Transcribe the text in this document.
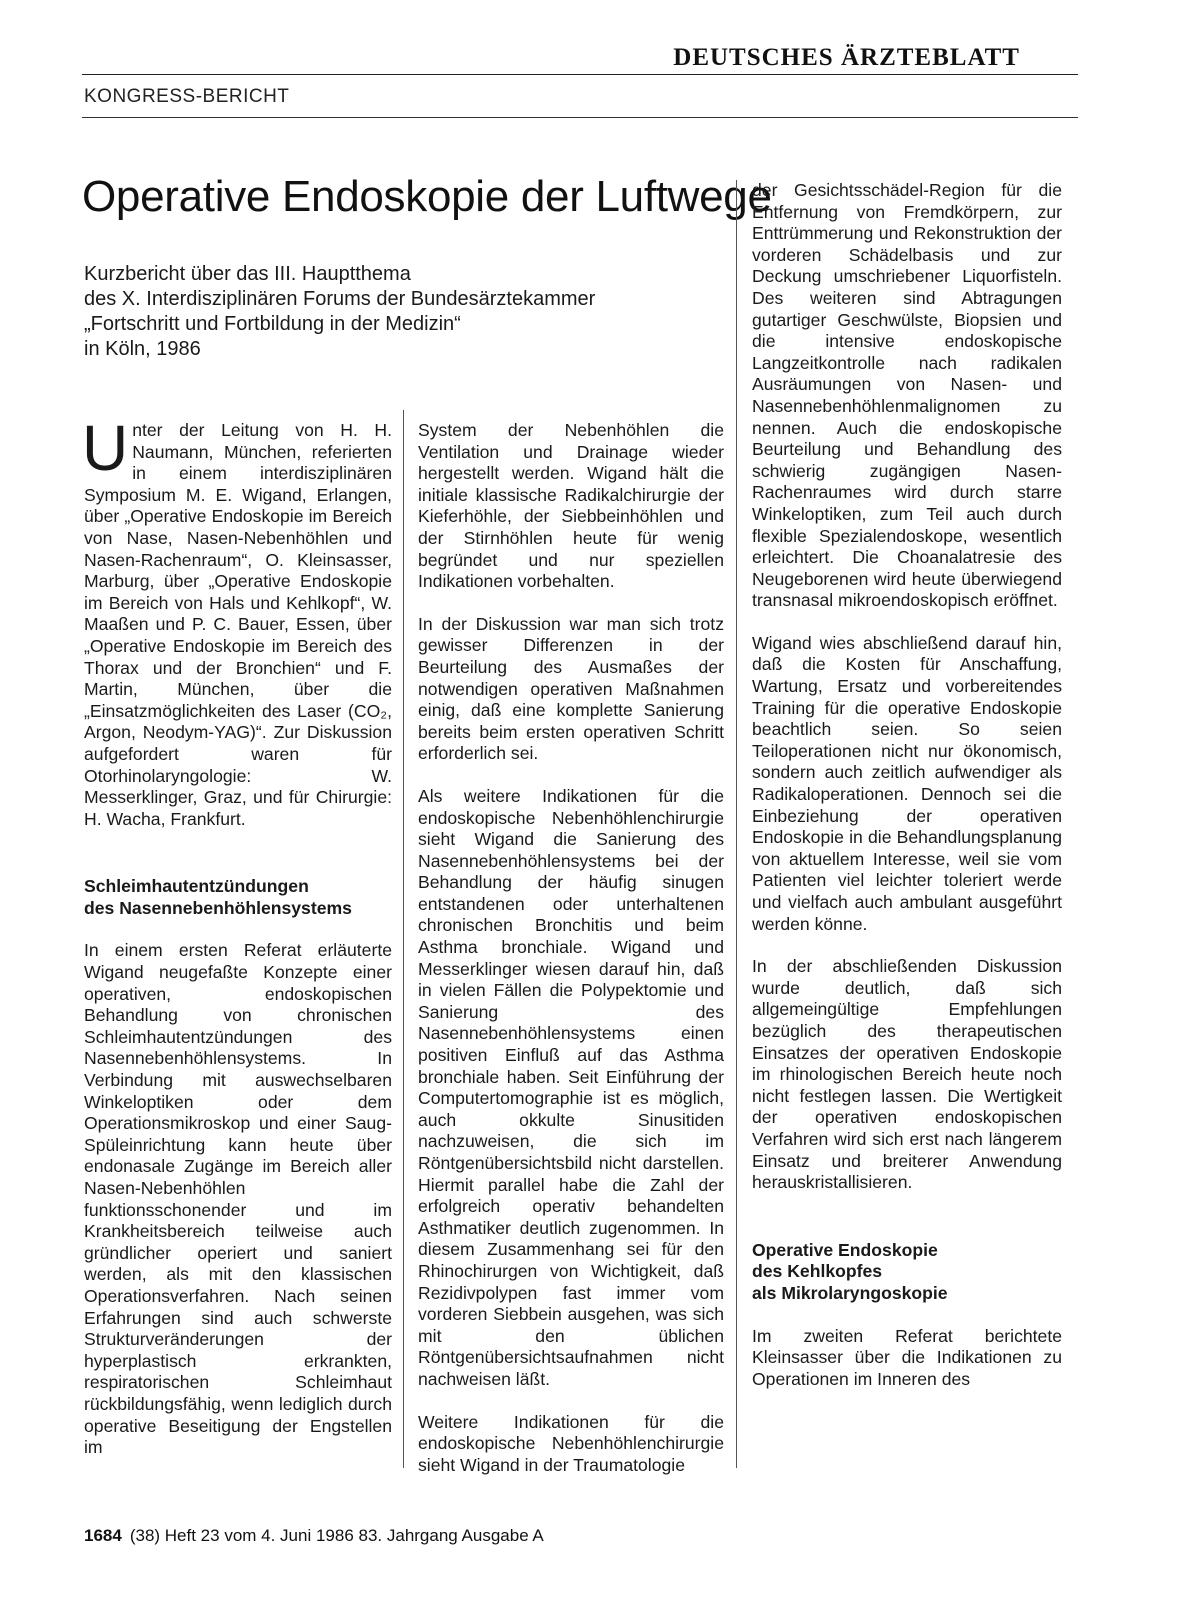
DEUTSCHES ÄRZTEBLATT
KONGRESS-BERICHT
Operative Endoskopie der Luftwege
Kurzbericht über das III. Hauptthema
des X. Interdisziplinären Forums der Bundesärztekammer
„Fortschritt und Fortbildung in der Medizin“
in Köln, 1986

Unter der Leitung von H. H. Naumann, München, referierten in einem interdisziplinären Symposium M. E. Wigand, Erlangen, über „Operative Endoskopie im Bereich von Nase, Nasen-Nebenhöhlen und Nasen-Rachenraum“, O. Kleinsasser, Marburg, über „Operative Endoskopie im Bereich von Hals und Kehlkopf“, W. Maaßen und P. C. Bauer, Essen, über „Operative Endoskopie im Bereich des Thorax und der Bronchien“ und F. Martin, München, über die „Einsatzmöglichkeiten des Laser (CO₂, Argon, Neodym-YAG)“. Zur Diskussion aufgefordert waren für Otorhinolaryngologie: W. Messerklinger, Graz, und für Chirurgie: H. Wacha, Frankfurt.

Schleimhautentzündungen
des Nasennebenhöhlensystems

In einem ersten Referat erläuterte Wigand neugefaßte Konzepte einer operativen, endoskopischen Behandlung von chronischen Schleimhautentzündungen des Nasennebenhöhlensystems. In Verbindung mit auswechselbaren Winkeloptiken oder dem Operationsmikroskop und einer Saug-Spüleinrichtung kann heute über endonasale Zugänge im Bereich aller Nasen-Nebenhöhlen funktionsschonender und im Krankheitsbereich teilweise auch gründlicher operiert und saniert werden, als mit den klassischen Operationsverfahren. Nach seinen Erfahrungen sind auch schwerste Strukturveränderungen der hyperplastisch erkrankten, respiratorischen Schleimhaut rückbildungsfähig, wenn lediglich durch operative Beseitigung der Engstellen im

System der Nebenhöhlen die Ventilation und Drainage wieder hergestellt werden. Wigand hält die initiale klassische Radikalchirurgie der Kieferhöhle, der Siebbeinhöhlen und der Stirnhöhlen heute für wenig begründet und nur speziellen Indikationen vorbehalten.

In der Diskussion war man sich trotz gewisser Differenzen in der Beurteilung des Ausmaßes der notwendigen operativen Maßnahmen einig, daß eine komplette Sanierung bereits beim ersten operativen Schritt erforderlich sei.

Als weitere Indikationen für die endoskopische Nebenhöhlenchirurgie sieht Wigand die Sanierung des Nasennebenhöhlensystems bei der Behandlung der häufig sinugen entstandenen oder unterhaltenen chronischen Bronchitis und beim Asthma bronchiale. Wigand und Messerklinger wiesen darauf hin, daß in vielen Fällen die Polypektomie und Sanierung des Nasennebenhöhlensystems einen positiven Einfluß auf das Asthma bronchiale haben. Seit Einführung der Computertomographie ist es möglich, auch okkulte Sinusitiden nachzuweisen, die sich im Röntgenübersichtsbild nicht darstellen. Hiermit parallel habe die Zahl der erfolgreich operativ behandelten Asthmatiker deutlich zugenommen. In diesem Zusammenhang sei für den Rhinochirurgen von Wichtigkeit, daß Rezidivpolypen fast immer vom vorderen Siebbein ausgehen, was sich mit den üblichen Röntgenübersichtsaufnahmen nicht nachweisen läßt.

Weitere Indikationen für die endoskopische Nebenhöhlenchirurgie sieht Wigand in der Traumatologie

der Gesichtsschädel-Region für die Entfernung von Fremdkörpern, zur Enttrümmerung und Rekonstruktion der vorderen Schädelbasis und zur Deckung umschriebener Liquorfisteln. Des weiteren sind Abtragungen gutartiger Geschwülste, Biopsien und die intensive endoskopische Langzeitkontrolle nach radikalen Ausräumungen von Nasen- und Nasennebenhöhlenmalignomen zu nennen. Auch die endoskopische Beurteilung und Behandlung des schwierig zugängigen Nasen-Rachenraumes wird durch starre Winkeloptiken, zum Teil auch durch flexible Spezialendoskope, wesentlich erleichtert. Die Choanalatresie des Neugeborenen wird heute überwiegend transnasal mikroendoskopisch eröffnet.

Wigand wies abschließend darauf hin, daß die Kosten für Anschaffung, Wartung, Ersatz und vorbereitendes Training für die operative Endoskopie beachtlich seien. So seien Teiloperationen nicht nur ökonomisch, sondern auch zeitlich aufwendiger als Radikaloperationen. Dennoch sei die Einbeziehung der operativen Endoskopie in die Behandlungsplanung von aktuellem Interesse, weil sie vom Patienten viel leichter toleriert werde und vielfach auch ambulant ausgeführt werden könne.

In der abschließenden Diskussion wurde deutlich, daß sich allgemeingültige Empfehlungen bezüglich des therapeutischen Einsatzes der operativen Endoskopie im rhinologischen Bereich heute noch nicht festlegen lassen. Die Wertigkeit der operativen endoskopischen Verfahren wird sich erst nach längerem Einsatz und breiterer Anwendung herauskristallisieren.

Operative Endoskopie
des Kehlkopfes
als Mikrolaryngoskopie

Im zweiten Referat berichtete Kleinsasser über die Indikationen zu Operationen im Inneren des

1684 (38) Heft 23 vom 4. Juni 1986 83. Jahrgang Ausgabe A
